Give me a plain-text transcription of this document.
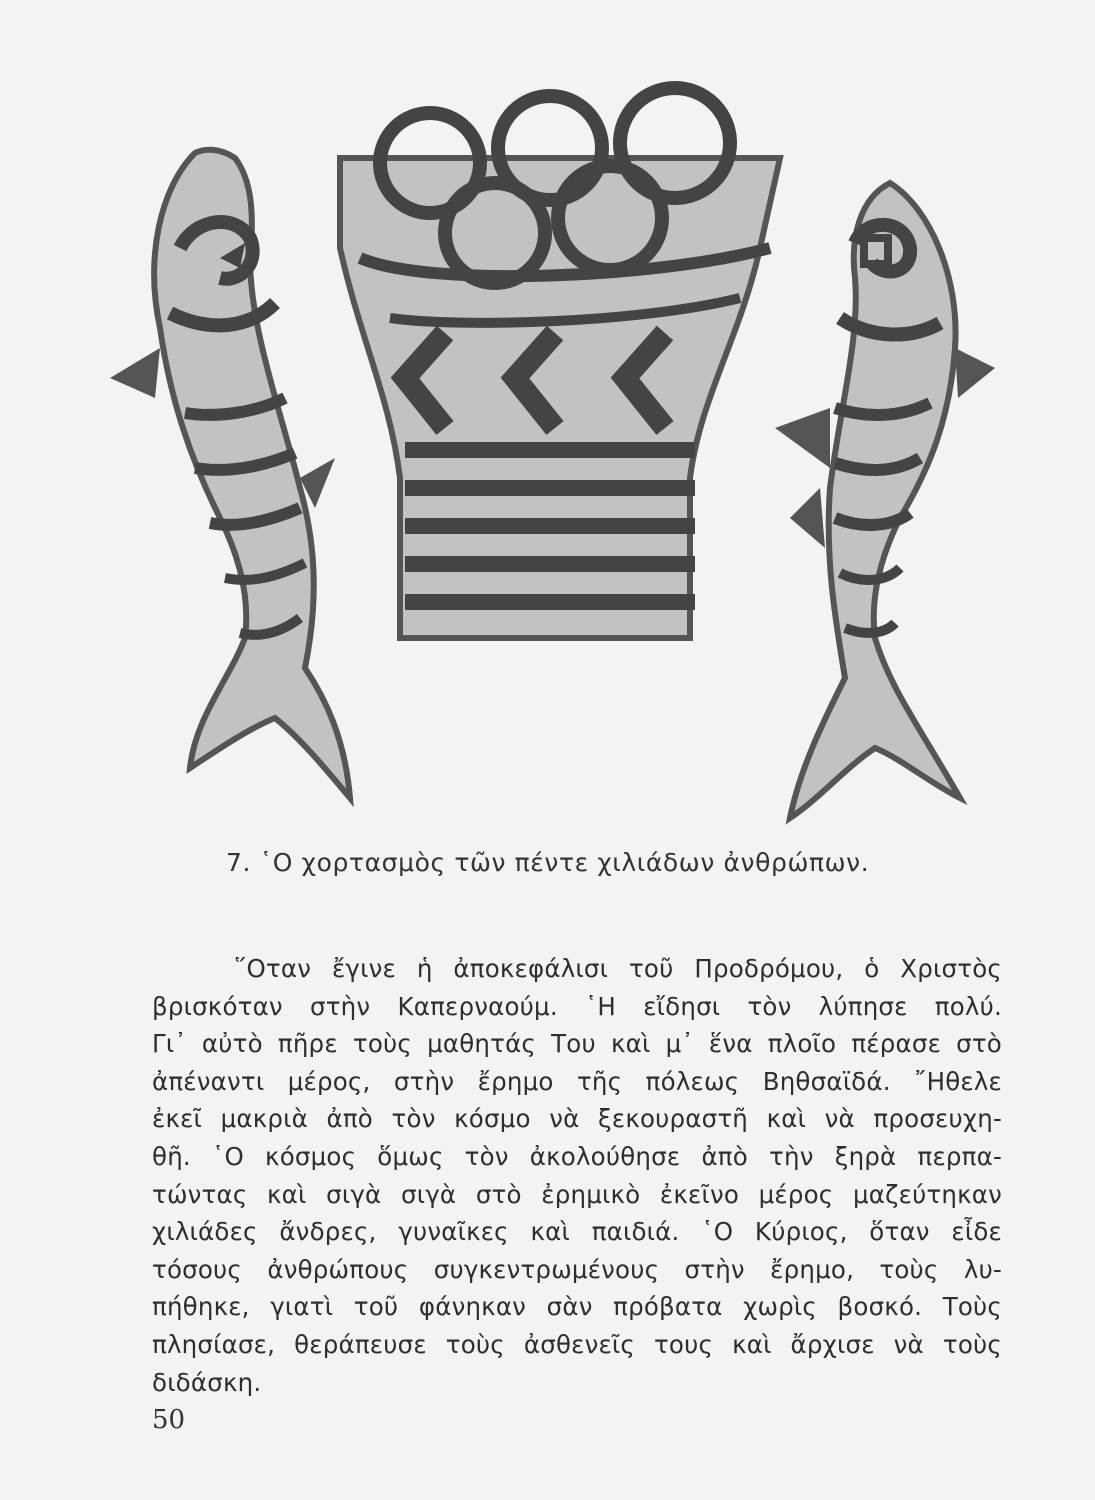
7. ῾Ο χορτασμὸς τῶν πέντε χιλιάδων ἀνθρώπων.
῞Οταν ἔγινε ἡ ἀποκεφάλισι τοῦ Προδρόμου, ὁ Χριστὸς
βρισκόταν στὴν Καπερναούμ. ῾Η εἴδησι τὸν λύπησε πολύ.
Γι᾽ αὐτὸ πῆρε τοὺς μαθητάς Του καὶ μ᾽ ἕνα πλοῖο πέρασε στὸ
ἀπέναντι μέρος, στὴν ἔρημο τῆς πόλεως Βηθσαϊδά. ῎Ηθελε
ἐκεῖ μακριὰ ἀπὸ τὸν κόσμο νὰ ξεκουραστῆ καὶ νὰ προσευχη-
θῆ. ῾Ο κόσμος ὅμως τὸν ἀκολούθησε ἀπὸ τὴν ξηρὰ περπα-
τώντας καὶ σιγὰ σιγὰ στὸ ἐρημικὸ ἐκεῖνο μέρος μαζεύτηκαν
χιλιάδες ἄνδρες, γυναῖκες καὶ παιδιά. ῾Ο Κύριος, ὅταν εἶδε
τόσους ἀνθρώπους συγκεντρωμένους στὴν ἔρημο, τοὺς λυ-
πήθηκε, γιατὶ τοῦ φάνηκαν σὰν πρόβατα χωρὶς βοσκό. Τοὺς
πλησίασε, θεράπευσε τοὺς ἀσθενεῖς τους καὶ ἄρχισε νὰ τοὺς
διδάσκη.
50
